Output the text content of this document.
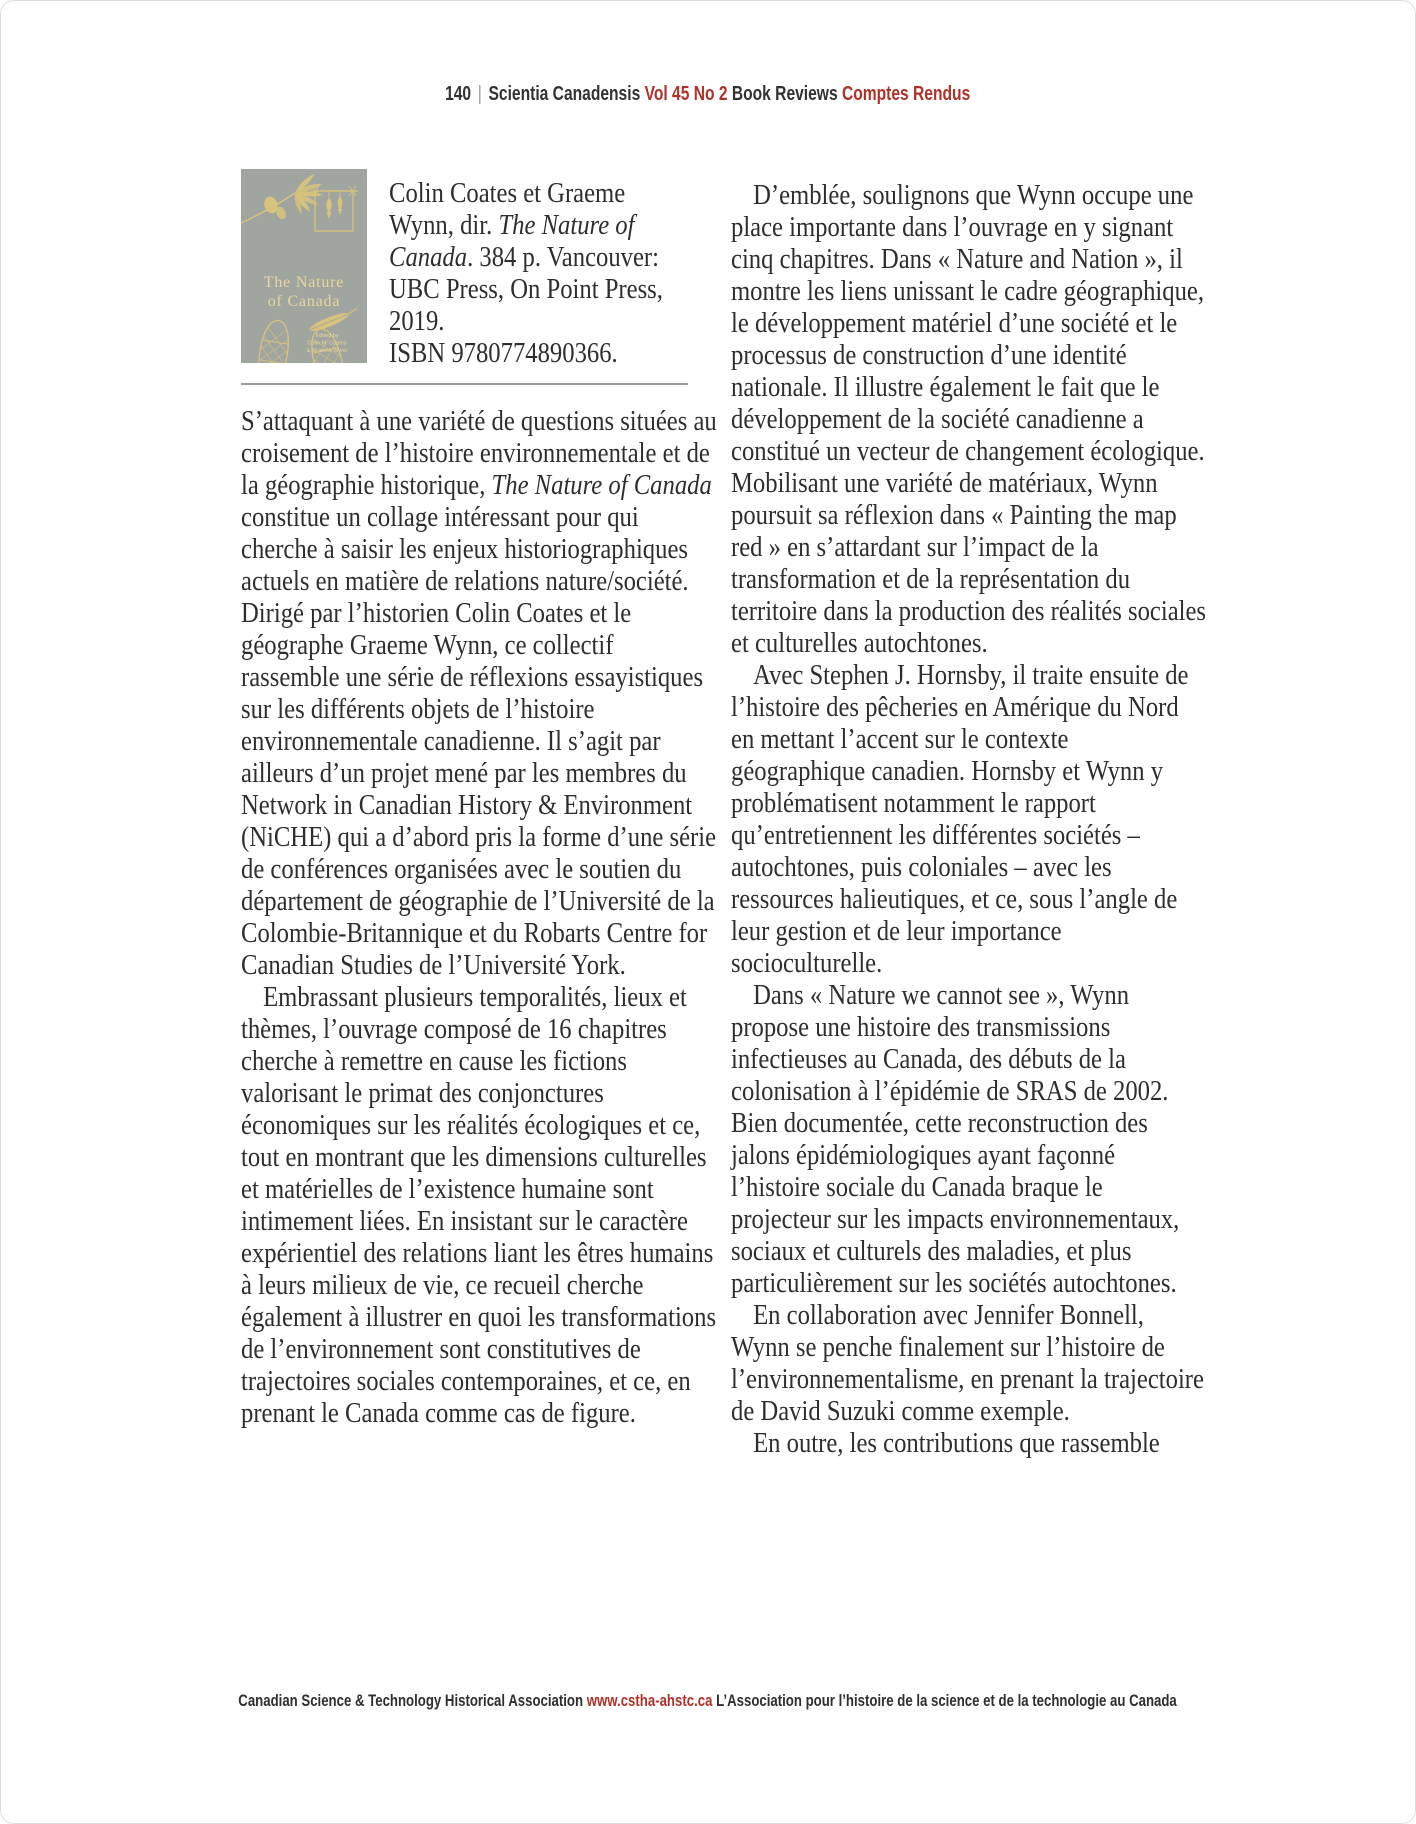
140 | Scientia Canadensis Vol 45 No 2 Book Reviews Comptes Rendus
The Nature
of Canada
Edited by
Colin M. Coates
& Graeme Wynn
Colin Coates et Graeme Wynn, dir. The Nature of Canada. 384 p. Vancouver: UBC Press, On Point Press, 2019.
ISBN 9780774890366.

S’attaquant à une variété de questions situées au croisement de l’histoire environnementale et de la géographie historique, The Nature of Canada constitue un collage intéressant pour qui cherche à saisir les enjeux historiographiques actuels en matière de relations nature/société. Dirigé par l’historien Colin Coates et le géographe Graeme Wynn, ce collectif rassemble une série de réflexions essayistiques sur les différents objets de l’histoire environnementale canadienne. Il s’agit par ailleurs d’un projet mené par les membres du Network in Canadian History & Environment (NiCHE) qui a d’abord pris la forme d’une série de conférences organisées avec le soutien du département de géographie de l’Université de la Colombie-Britannique et du Robarts Centre for Canadian Studies de l’Université York.

Embrassant plusieurs temporalités, lieux et thèmes, l’ouvrage composé de 16 chapitres cherche à remettre en cause les fictions valorisant le primat des conjonctures économiques sur les réalités écologiques et ce, tout en montrant que les dimensions culturelles et matérielles de l’existence humaine sont intimement liées. En insistant sur le caractère expérientiel des relations liant les êtres humains à leurs milieux de vie, ce recueil cherche également à illustrer en quoi les transformations de l’environnement sont constitutives de trajectoires sociales contemporaines, et ce, en prenant le Canada comme cas de figure.

D’emblée, soulignons que Wynn occupe une place importante dans l’ouvrage en y signant cinq chapitres. Dans « Nature and Nation », il montre les liens unissant le cadre géographique, le développement matériel d’une société et le processus de construction d’une identité nationale. Il illustre également le fait que le développement de la société canadienne a constitué un vecteur de changement écologique. Mobilisant une variété de matériaux, Wynn poursuit sa réflexion dans « Painting the map red » en s’attardant sur l’impact de la transformation et de la représentation du territoire dans la production des réalités sociales et culturelles autochtones.

Avec Stephen J. Hornsby, il traite ensuite de l’histoire des pêcheries en Amérique du Nord en mettant l’accent sur le contexte géographique canadien. Hornsby et Wynn y problématisent notamment le rapport qu’entretiennent les différentes sociétés – autochtones, puis coloniales – avec les ressources halieutiques, et ce, sous l’angle de leur gestion et de leur importance socioculturelle.

Dans « Nature we cannot see », Wynn propose une histoire des transmissions infectieuses au Canada, des débuts de la colonisation à l’épidémie de SRAS de 2002. Bien documentée, cette reconstruction des jalons épidémiologiques ayant façonné l’histoire sociale du Canada braque le projecteur sur les impacts environnementaux, sociaux et culturels des maladies, et plus particulièrement sur les sociétés autochtones.

En collaboration avec Jennifer Bonnell, Wynn se penche finalement sur l’histoire de l’environnementalisme, en prenant la trajectoire de David Suzuki comme exemple.

En outre, les contributions que rassemble

Canadian Science & Technology Historical Association www.cstha-ahstc.ca L’Association pour l’histoire de la science et de la technologie au Canada
